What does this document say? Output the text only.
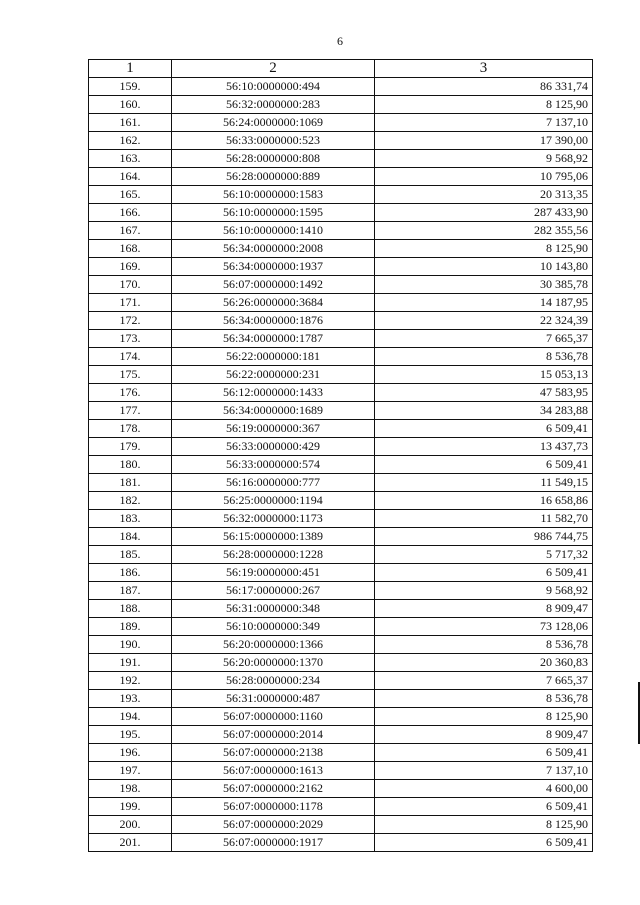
6
1	2	3
159.	56:10:0000000:494	86 331,74
160.	56:32:0000000:283	8 125,90
161.	56:24:0000000:1069	7 137,10
162.	56:33:0000000:523	17 390,00
163.	56:28:0000000:808	9 568,92
164.	56:28:0000000:889	10 795,06
165.	56:10:0000000:1583	20 313,35
166.	56:10:0000000:1595	287 433,90
167.	56:10:0000000:1410	282 355,56
168.	56:34:0000000:2008	8 125,90
169.	56:34:0000000:1937	10 143,80
170.	56:07:0000000:1492	30 385,78
171.	56:26:0000000:3684	14 187,95
172.	56:34:0000000:1876	22 324,39
173.	56:34:0000000:1787	7 665,37
174.	56:22:0000000:181	8 536,78
175.	56:22:0000000:231	15 053,13
176.	56:12:0000000:1433	47 583,95
177.	56:34:0000000:1689	34 283,88
178.	56:19:0000000:367	6 509,41
179.	56:33:0000000:429	13 437,73
180.	56:33:0000000:574	6 509,41
181.	56:16:0000000:777	11 549,15
182.	56:25:0000000:1194	16 658,86
183.	56:32:0000000:1173	11 582,70
184.	56:15:0000000:1389	986 744,75
185.	56:28:0000000:1228	5 717,32
186.	56:19:0000000:451	6 509,41
187.	56:17:0000000:267	9 568,92
188.	56:31:0000000:348	8 909,47
189.	56:10:0000000:349	73 128,06
190.	56:20:0000000:1366	8 536,78
191.	56:20:0000000:1370	20 360,83
192.	56:28:0000000:234	7 665,37
193.	56:31:0000000:487	8 536,78
194.	56:07:0000000:1160	8 125,90
195.	56:07:0000000:2014	8 909,47
196.	56:07:0000000:2138	6 509,41
197.	56:07:0000000:1613	7 137,10
198.	56:07:0000000:2162	4 600,00
199.	56:07:0000000:1178	6 509,41
200.	56:07:0000000:2029	8 125,90
201.	56:07:0000000:1917	6 509,41
